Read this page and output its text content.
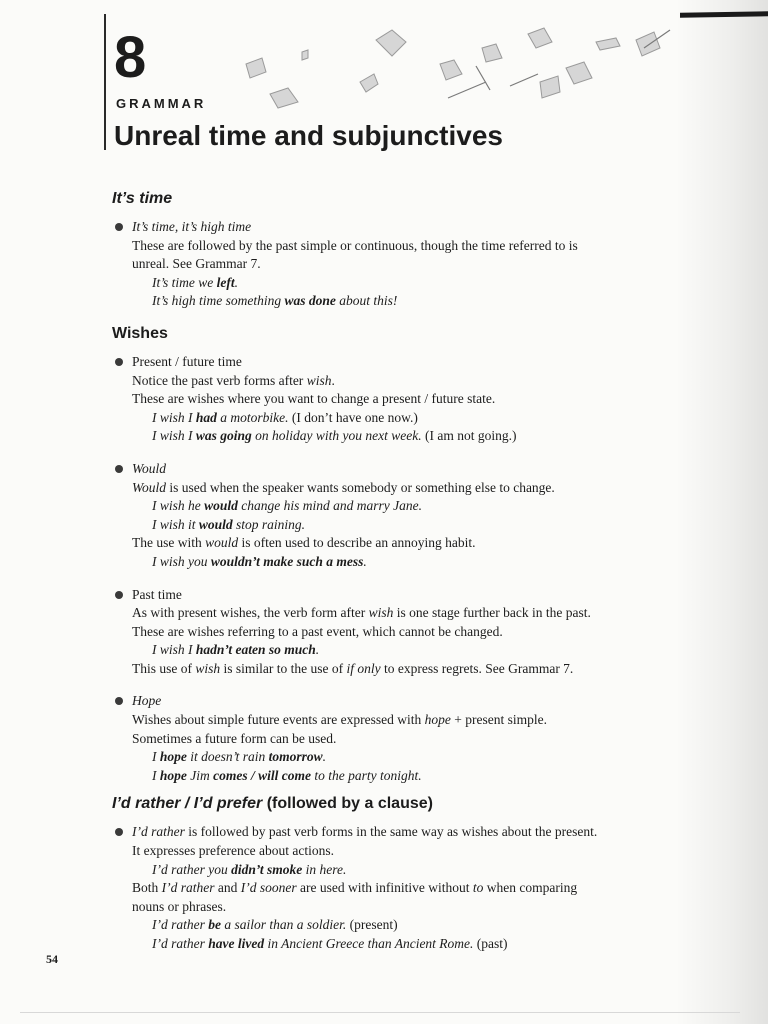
8
GRAMMAR
Unreal time and subjunctives
It’s time
It’s time, it’s high time
These are followed by the past simple or continuous, though the time referred to is
unreal. See Grammar 7.
It’s time we left.
It’s high time something was done about this!
Wishes
Present / future time
Notice the past verb forms after wish.
These are wishes where you want to change a present / future state.
I wish I had a motorbike. (I don’t have one now.)
I wish I was going on holiday with you next week. (I am not going.)
Would
Would is used when the speaker wants somebody or something else to change.
I wish he would change his mind and marry Jane.
I wish it would stop raining.
The use with would is often used to describe an annoying habit.
I wish you wouldn’t make such a mess.
Past time
As with present wishes, the verb form after wish is one stage further back in the past.
These are wishes referring to a past event, which cannot be changed.
I wish I hadn’t eaten so much.
This use of wish is similar to the use of if only to express regrets. See Grammar 7.
Hope
Wishes about simple future events are expressed with hope + present simple.
Sometimes a future form can be used.
I hope it doesn’t rain tomorrow.
I hope Jim comes / will come to the party tonight.
I’d rather / I’d prefer (followed by a clause)
I’d rather is followed by past verb forms in the same way as wishes about the present.
It expresses preference about actions.
I’d rather you didn’t smoke in here.
Both I’d rather and I’d sooner are used with infinitive without to when comparing
nouns or phrases.
I’d rather be a sailor than a soldier. (present)
I’d rather have lived in Ancient Greece than Ancient Rome. (past)
54
